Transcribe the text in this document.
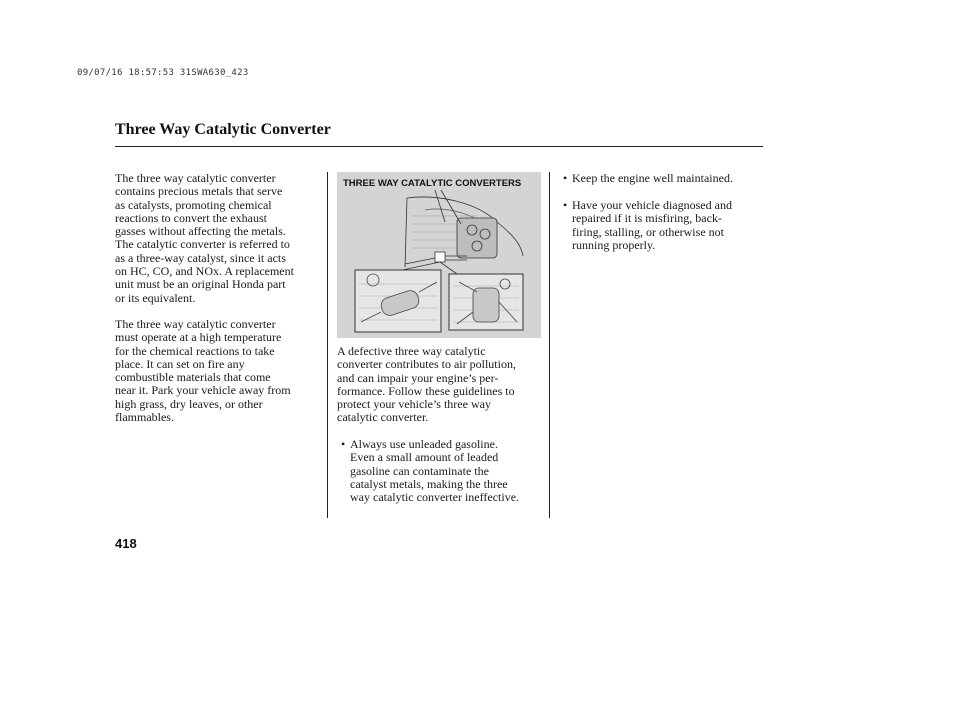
09/07/16 18:57:53 31SWA630_423
Three Way Catalytic Converter
The three way catalytic converter
contains precious metals that serve
as catalysts, promoting chemical
reactions to convert the exhaust
gasses without affecting the metals.
The catalytic converter is referred to
as a three-way catalyst, since it acts
on HC, CO, and NOx. A replacement
unit must be an original Honda part
or its equivalent.
The three way catalytic converter
must operate at a high temperature
for the chemical reactions to take
place. It can set on fire any
combustible materials that come
near it. Park your vehicle away from
high grass, dry leaves, or other
flammables.
THREE WAY CATALYTIC CONVERTERS
A defective three way catalytic
converter contributes to air pollution,
and can impair your engine’s per-
formance. Follow these guidelines to
protect your vehicle’s three way
catalytic converter.
• Always use unleaded gasoline.
Even a small amount of leaded
gasoline can contaminate the
catalyst metals, making the three
way catalytic converter ineffective.
• Keep the engine well maintained.
• Have your vehicle diagnosed and
repaired if it is misfiring, back-
firing, stalling, or otherwise not
running properly.
418
